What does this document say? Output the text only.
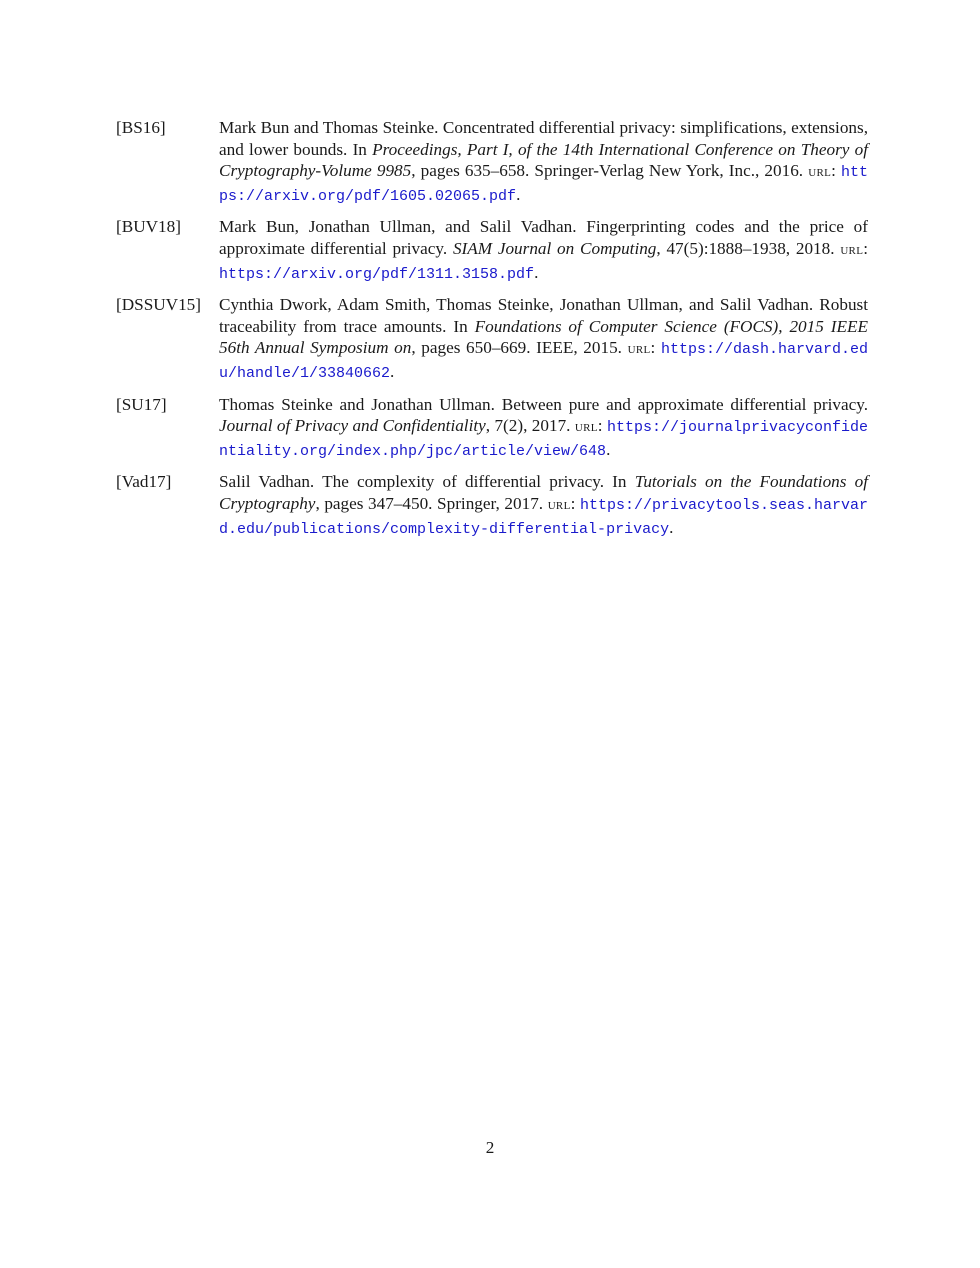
[BS16]	Mark Bun and Thomas Steinke. Concentrated differential privacy: simplifications, extensions, and lower bounds. In Proceedings, Part I, of the 14th International Conference on Theory of Cryptography-Volume 9985, pages 635–658. Springer-Verlag New York, Inc., 2016. url: https://arxiv.org/pdf/1605.02065.pdf.
[BUV18]	Mark Bun, Jonathan Ullman, and Salil Vadhan. Fingerprinting codes and the price of approximate differential privacy. SIAM Journal on Computing, 47(5):1888–1938, 2018. url: https://arxiv.org/pdf/1311.3158.pdf.
[DSSUV15]	Cynthia Dwork, Adam Smith, Thomas Steinke, Jonathan Ullman, and Salil Vadhan. Robust traceability from trace amounts. In Foundations of Computer Science (FOCS), 2015 IEEE 56th Annual Symposium on, pages 650–669. IEEE, 2015. url: https://dash.harvard.edu/handle/1/33840662.
[SU17]	Thomas Steinke and Jonathan Ullman. Between pure and approximate differential privacy. Journal of Privacy and Confidentiality, 7(2), 2017. url: https://journalprivacyconfidentiality.org/index.php/jpc/article/view/648.
[Vad17]	Salil Vadhan. The complexity of differential privacy. In Tutorials on the Foundations of Cryptography, pages 347–450. Springer, 2017. url: https://privacytools.seas.harvard.edu/publications/complexity-differential-privacy.
2
